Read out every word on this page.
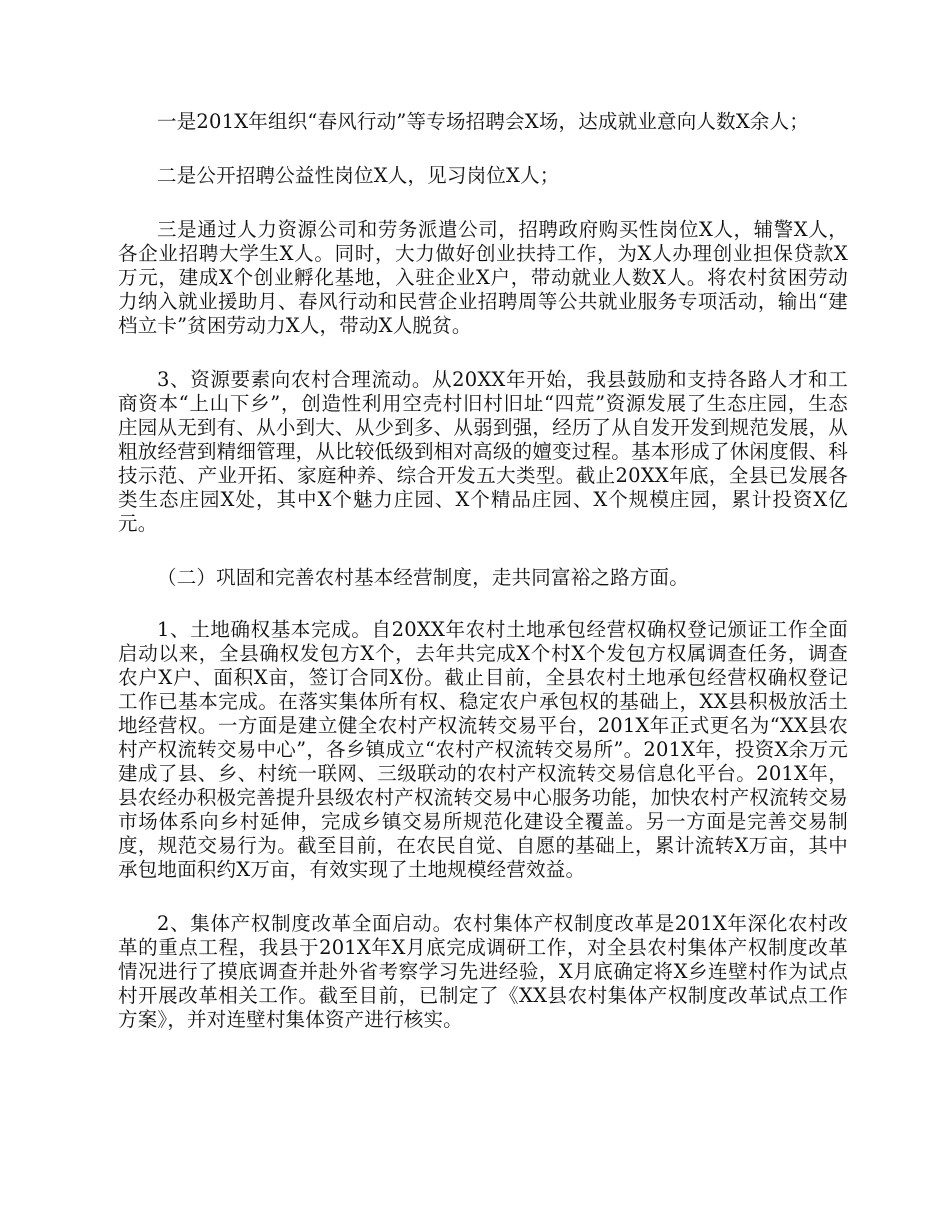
一是201X年组织“春风行动”等专场招聘会X场，达成就业意向人数X余人；

二是公开招聘公益性岗位X人，见习岗位X人；

三是通过人力资源公司和劳务派遣公司，招聘政府购买性岗位X人，辅警X人，各企业招聘大学生X人。同时，大力做好创业扶持工作，为X人办理创业担保贷款X万元，建成X个创业孵化基地，入驻企业X户，带动就业人数X人。将农村贫困劳动力纳入就业援助月、春风行动和民营企业招聘周等公共就业服务专项活动，输出“建档立卡”贫困劳动力X人，带动X人脱贫。

3、资源要素向农村合理流动。从20XX年开始，我县鼓励和支持各路人才和工商资本“上山下乡”，创造性利用空壳村旧村旧址“四荒”资源发展了生态庄园，生态庄园从无到有、从小到大、从少到多、从弱到强，经历了从自发开发到规范发展，从粗放经营到精细管理，从比较低级到相对高级的嬗变过程。基本形成了休闲度假、科技示范、产业开拓、家庭种养、综合开发五大类型。截止20XX年底，全县已发展各类生态庄园X处，其中X个魅力庄园、X个精品庄园、X个规模庄园，累计投资X亿元。

（二）巩固和完善农村基本经营制度，走共同富裕之路方面。

1、土地确权基本完成。自20XX年农村土地承包经营权确权登记颁证工作全面启动以来，全县确权发包方X个，去年共完成X个村X个发包方权属调查任务，调查农户X户、面积X亩，签订合同X份。截止目前，全县农村土地承包经营权确权登记工作已基本完成。在落实集体所有权、稳定农户承包权的基础上，XX县积极放活土地经营权。一方面是建立健全农村产权流转交易平台，201X年正式更名为“XX县农村产权流转交易中心”，各乡镇成立“农村产权流转交易所”。201X年，投资X余万元建成了县、乡、村统一联网、三级联动的农村产权流转交易信息化平台。201X年，县农经办积极完善提升县级农村产权流转交易中心服务功能，加快农村产权流转交易市场体系向乡村延伸，完成乡镇交易所规范化建设全覆盖。另一方面是完善交易制度，规范交易行为。截至目前，在农民自觉、自愿的基础上，累计流转X万亩，其中承包地面积约X万亩，有效实现了土地规模经营效益。

2、集体产权制度改革全面启动。农村集体产权制度改革是201X年深化农村改革的重点工程，我县于201X年X月底完成调研工作，对全县农村集体产权制度改革情况进行了摸底调查并赴外省考察学习先进经验，X月底确定将X乡连壁村作为试点村开展改革相关工作。截至目前，已制定了《XX县农村集体产权制度改革试点工作方案》，并对连壁村集体资产进行核实。
